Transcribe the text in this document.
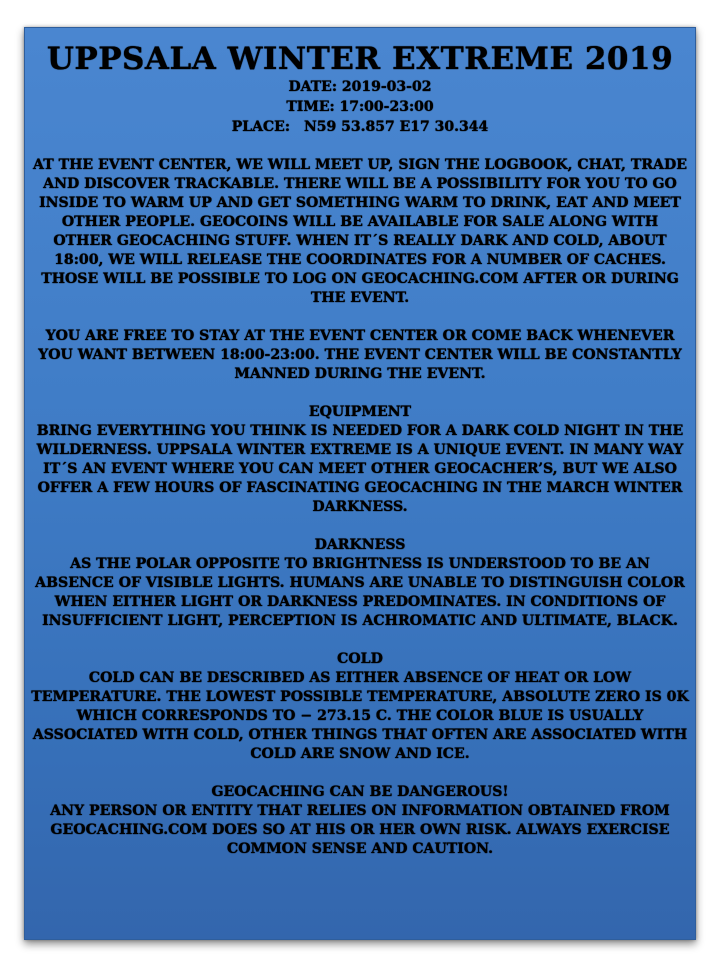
UPPSALA WINTER EXTREME 2019
DATE: 2019-03-02
TIME: 17:00-23:00
PLACE: N59 53.857 E17 30.344
AT THE EVENT CENTER, WE WILL MEET UP, SIGN THE LOGBOOK, CHAT, TRADE AND DISCOVER TRACKABLE. THERE WILL BE A POSSIBILITY FOR YOU TO GO INSIDE TO WARM UP AND GET SOMETHING WARM TO DRINK, EAT AND MEET OTHER PEOPLE. GEOCOINS WILL BE AVAILABLE FOR SALE ALONG WITH OTHER GEOCACHING STUFF. WHEN IT´S REALLY DARK AND COLD, ABOUT 18:00, WE WILL RELEASE THE COORDINATES FOR A NUMBER OF CACHES. THOSE WILL BE POSSIBLE TO LOG ON GEOCACHING.COM AFTER OR DURING THE EVENT.
YOU ARE FREE TO STAY AT THE EVENT CENTER OR COME BACK WHENEVER YOU WANT BETWEEN 18:00-23:00. THE EVENT CENTER WILL BE CONSTANTLY MANNED DURING THE EVENT.
EQUIPMENT
BRING EVERYTHING YOU THINK IS NEEDED FOR A DARK COLD NIGHT IN THE WILDERNESS. UPPSALA WINTER EXTREME IS A UNIQUE EVENT. IN MANY WAY IT´S AN EVENT WHERE YOU CAN MEET OTHER GEOCACHER’S, BUT WE ALSO OFFER A FEW HOURS OF FASCINATING GEOCACHING IN THE MARCH WINTER DARKNESS.
DARKNESS
AS THE POLAR OPPOSITE TO BRIGHTNESS IS UNDERSTOOD TO BE AN ABSENCE OF VISIBLE LIGHTS. HUMANS ARE UNABLE TO DISTINGUISH COLOR WHEN EITHER LIGHT OR DARKNESS PREDOMINATES. IN CONDITIONS OF INSUFFICIENT LIGHT, PERCEPTION IS ACHROMATIC AND ULTIMATE, BLACK.
COLD
COLD CAN BE DESCRIBED AS EITHER ABSENCE OF HEAT OR LOW TEMPERATURE. THE LOWEST POSSIBLE TEMPERATURE, ABSOLUTE ZERO IS 0K WHICH CORRESPONDS TO − 273.15 C. THE COLOR BLUE IS USUALLY ASSOCIATED WITH COLD, OTHER THINGS THAT OFTEN ARE ASSOCIATED WITH COLD ARE SNOW AND ICE.
GEOCACHING CAN BE DANGEROUS!
ANY PERSON OR ENTITY THAT RELIES ON INFORMATION OBTAINED FROM GEOCACHING.COM DOES SO AT HIS OR HER OWN RISK. ALWAYS EXERCISE COMMON SENSE AND CAUTION.
